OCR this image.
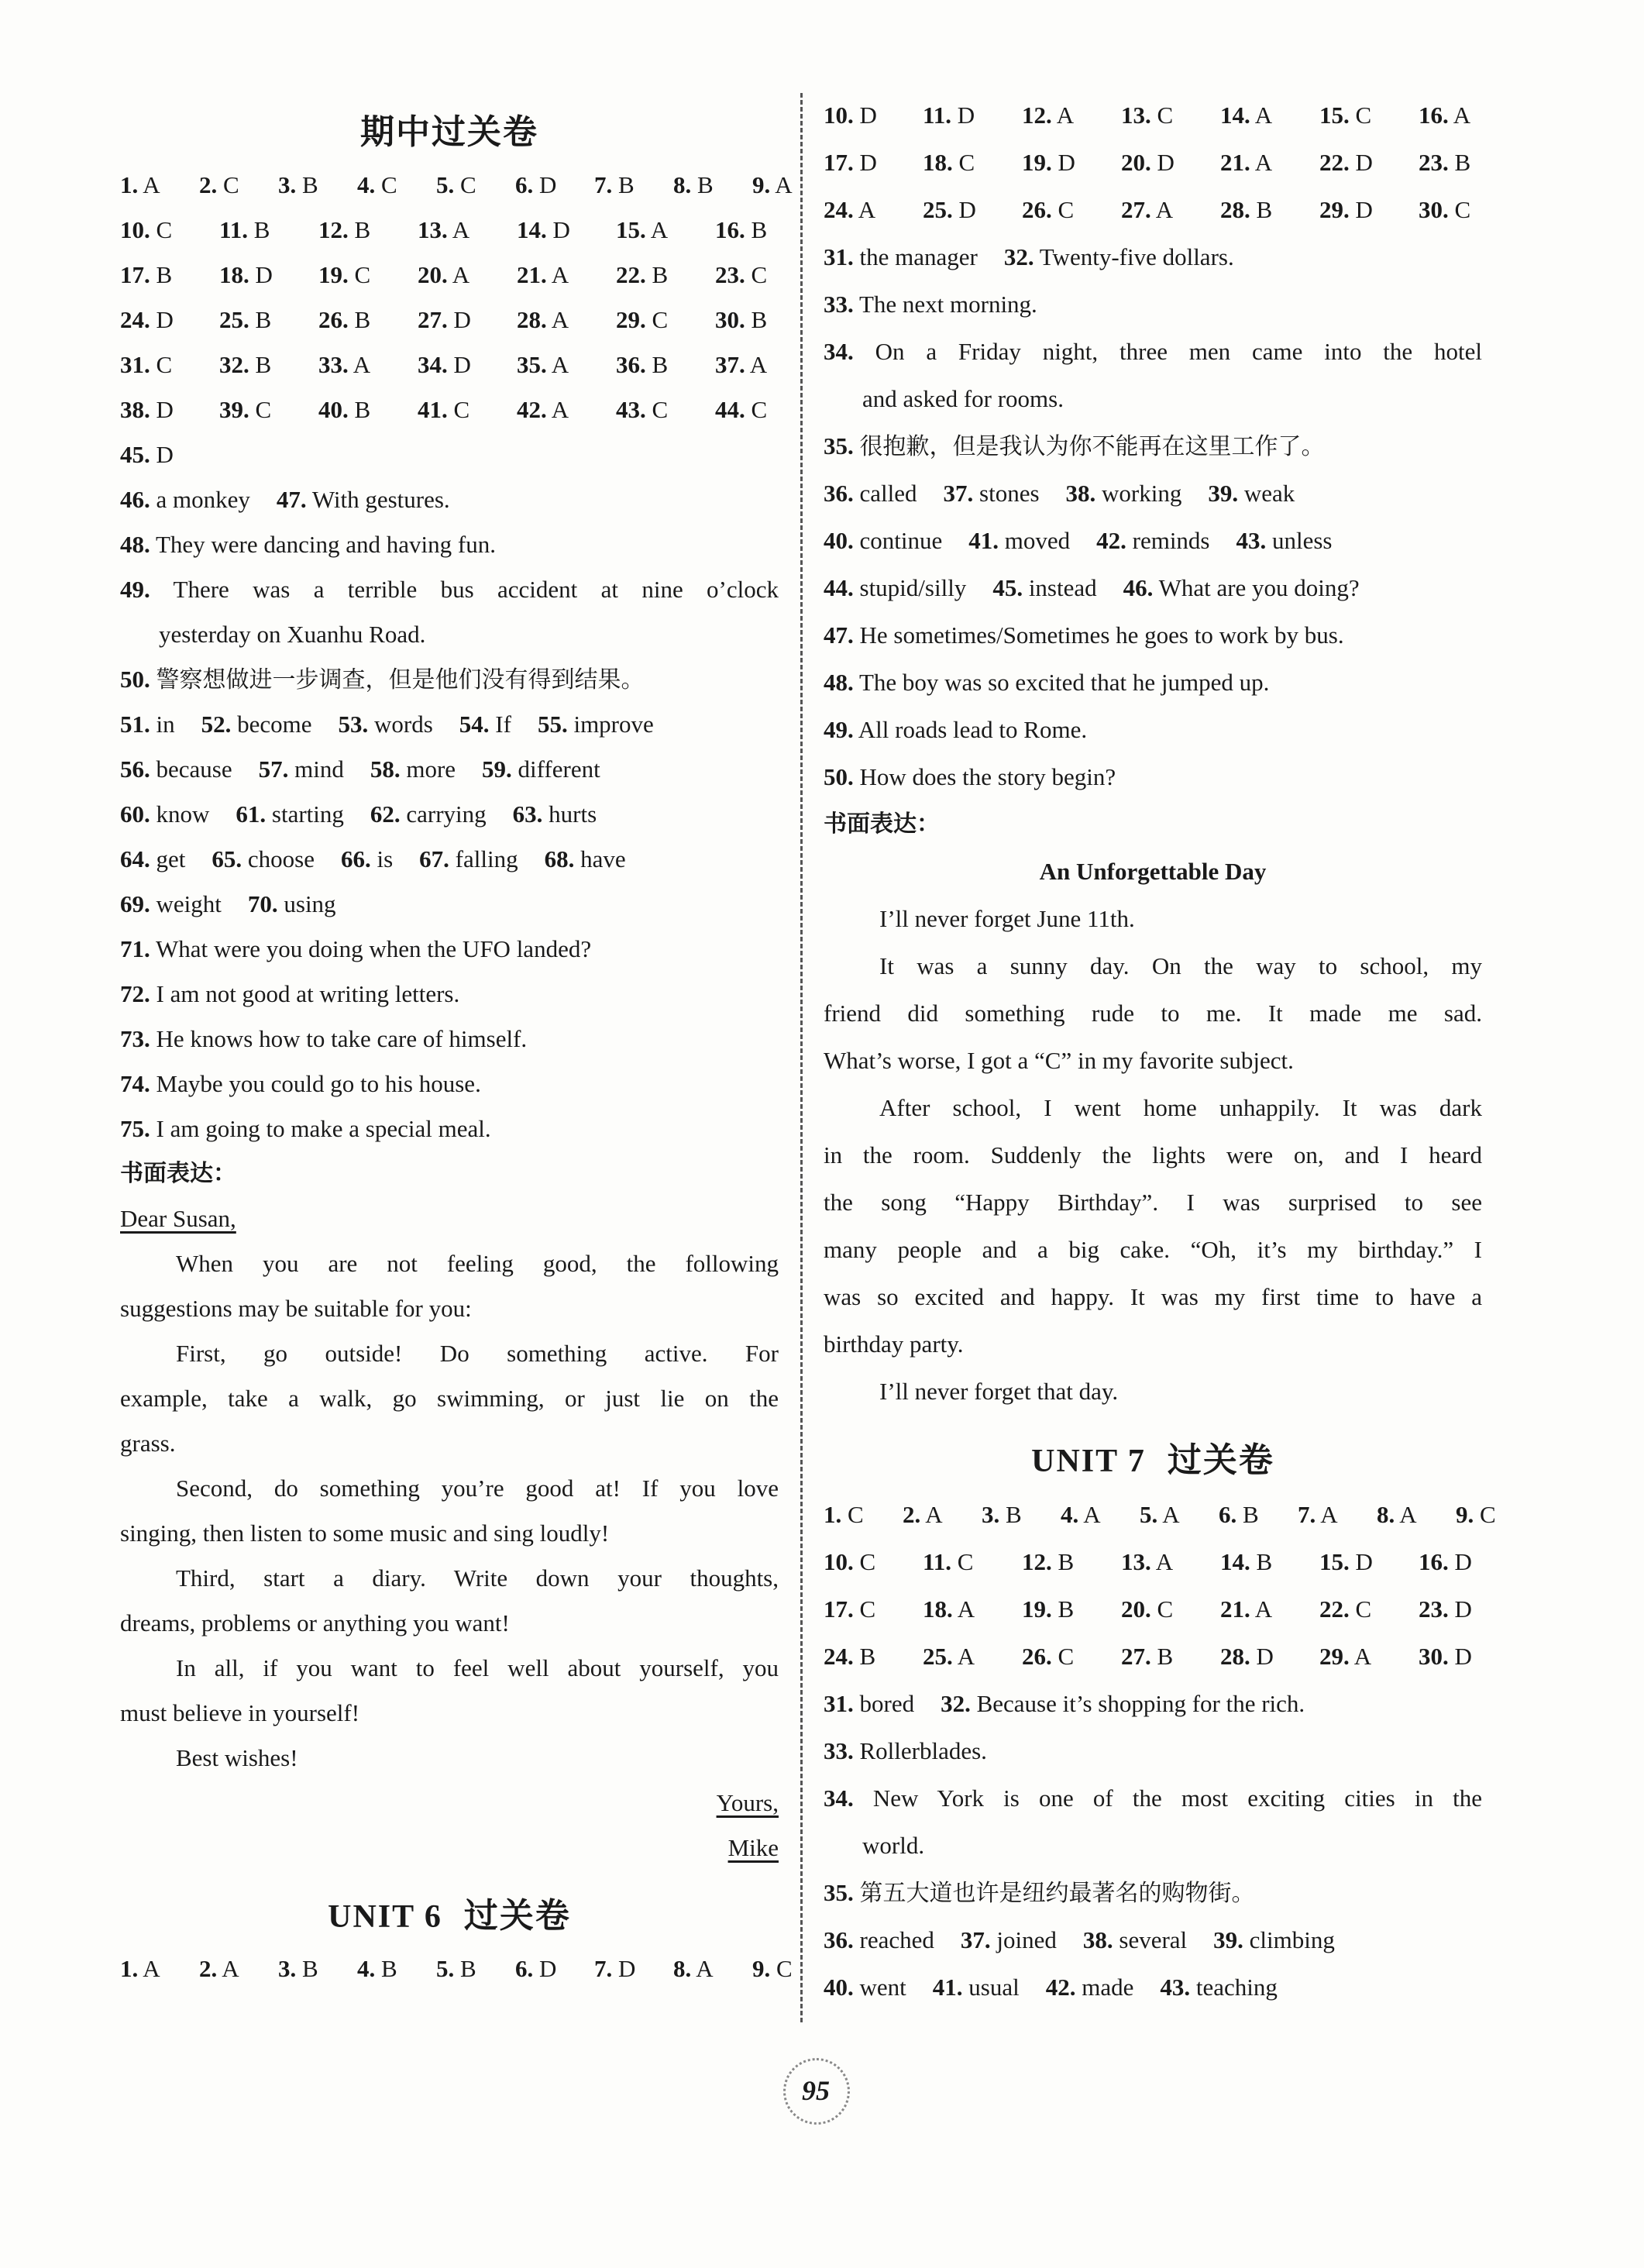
期中过关卷
1. A 2. C 3. B 4. C 5. C 6. D 7. B 8. B 9. A
10. C 11. B 12. B 13. A 14. D 15. A 16. B
17. B 18. D 19. C 20. A 21. A 22. B 23. C
24. D 25. B 26. B 27. D 28. A 29. C 30. B
31. C 32. B 33. A 34. D 35. A 36. B 37. A
38. D 39. C 40. B 41. C 42. A 43. C 44. C
45. D
46. a monkey 47. With gestures.
48. They were dancing and having fun.
49. There was a terrible bus accident at nine o’clock
yesterday on Xuanhu Road.
50. 警察想做进一步调查，但是他们没有得到结果。
51. in 52. become 53. words 54. If 55. improve
56. because 57. mind 58. more 59. different
60. know 61. starting 62. carrying 63. hurts
64. get 65. choose 66. is 67. falling 68. have
69. weight 70. using
71. What were you doing when the UFO landed?
72. I am not good at writing letters.
73. He knows how to take care of himself.
74. Maybe you could go to his house.
75. I am going to make a special meal.
书面表达：
Dear Susan,
When you are not feeling good, the following
suggestions may be suitable for you:
First, go outside! Do something active. For
example, take a walk, go swimming, or just lie on the
grass.
Second, do something you’re good at! If you love
singing, then listen to some music and sing loudly!
Third, start a diary. Write down your thoughts,
dreams, problems or anything you want!
In all, if you want to feel well about yourself, you
must believe in yourself!
Best wishes!
Yours,
Mike
UNIT 6 过关卷
1. A 2. A 3. B 4. B 5. B 6. D 7. D 8. A 9. C
10. D 11. D 12. A 13. C 14. A 15. C 16. A
17. D 18. C 19. D 20. D 21. A 22. D 23. B
24. A 25. D 26. C 27. A 28. B 29. D 30. C
31. the manager 32. Twenty-five dollars.
33. The next morning.
34. On a Friday night, three men came into the hotel
and asked for rooms.
35. 很抱歉，但是我认为你不能再在这里工作了。
36. called 37. stones 38. working 39. weak
40. continue 41. moved 42. reminds 43. unless
44. stupid/silly 45. instead 46. What are you doing?
47. He sometimes/Sometimes he goes to work by bus.
48. The boy was so excited that he jumped up.
49. All roads lead to Rome.
50. How does the story begin?
书面表达：
An Unforgettable Day
I’ll never forget June 11th.
It was a sunny day. On the way to school, my
friend did something rude to me. It made me sad.
What’s worse, I got a “C” in my favorite subject.
After school, I went home unhappily. It was dark
in the room. Suddenly the lights were on, and I heard
the song “Happy Birthday”. I was surprised to see
many people and a big cake. “Oh, it’s my birthday.” I
was so excited and happy. It was my first time to have a
birthday party.
I’ll never forget that day.
UNIT 7 过关卷
1. C 2. A 3. B 4. A 5. A 6. B 7. A 8. A 9. C
10. C 11. C 12. B 13. A 14. B 15. D 16. D
17. C 18. A 19. B 20. C 21. A 22. C 23. D
24. B 25. A 26. C 27. B 28. D 29. A 30. D
31. bored 32. Because it’s shopping for the rich.
33. Rollerblades.
34. New York is one of the most exciting cities in the
world.
35. 第五大道也许是纽约最著名的购物街。
36. reached 37. joined 38. several 39. climbing
40. went 41. usual 42. made 43. teaching
95
